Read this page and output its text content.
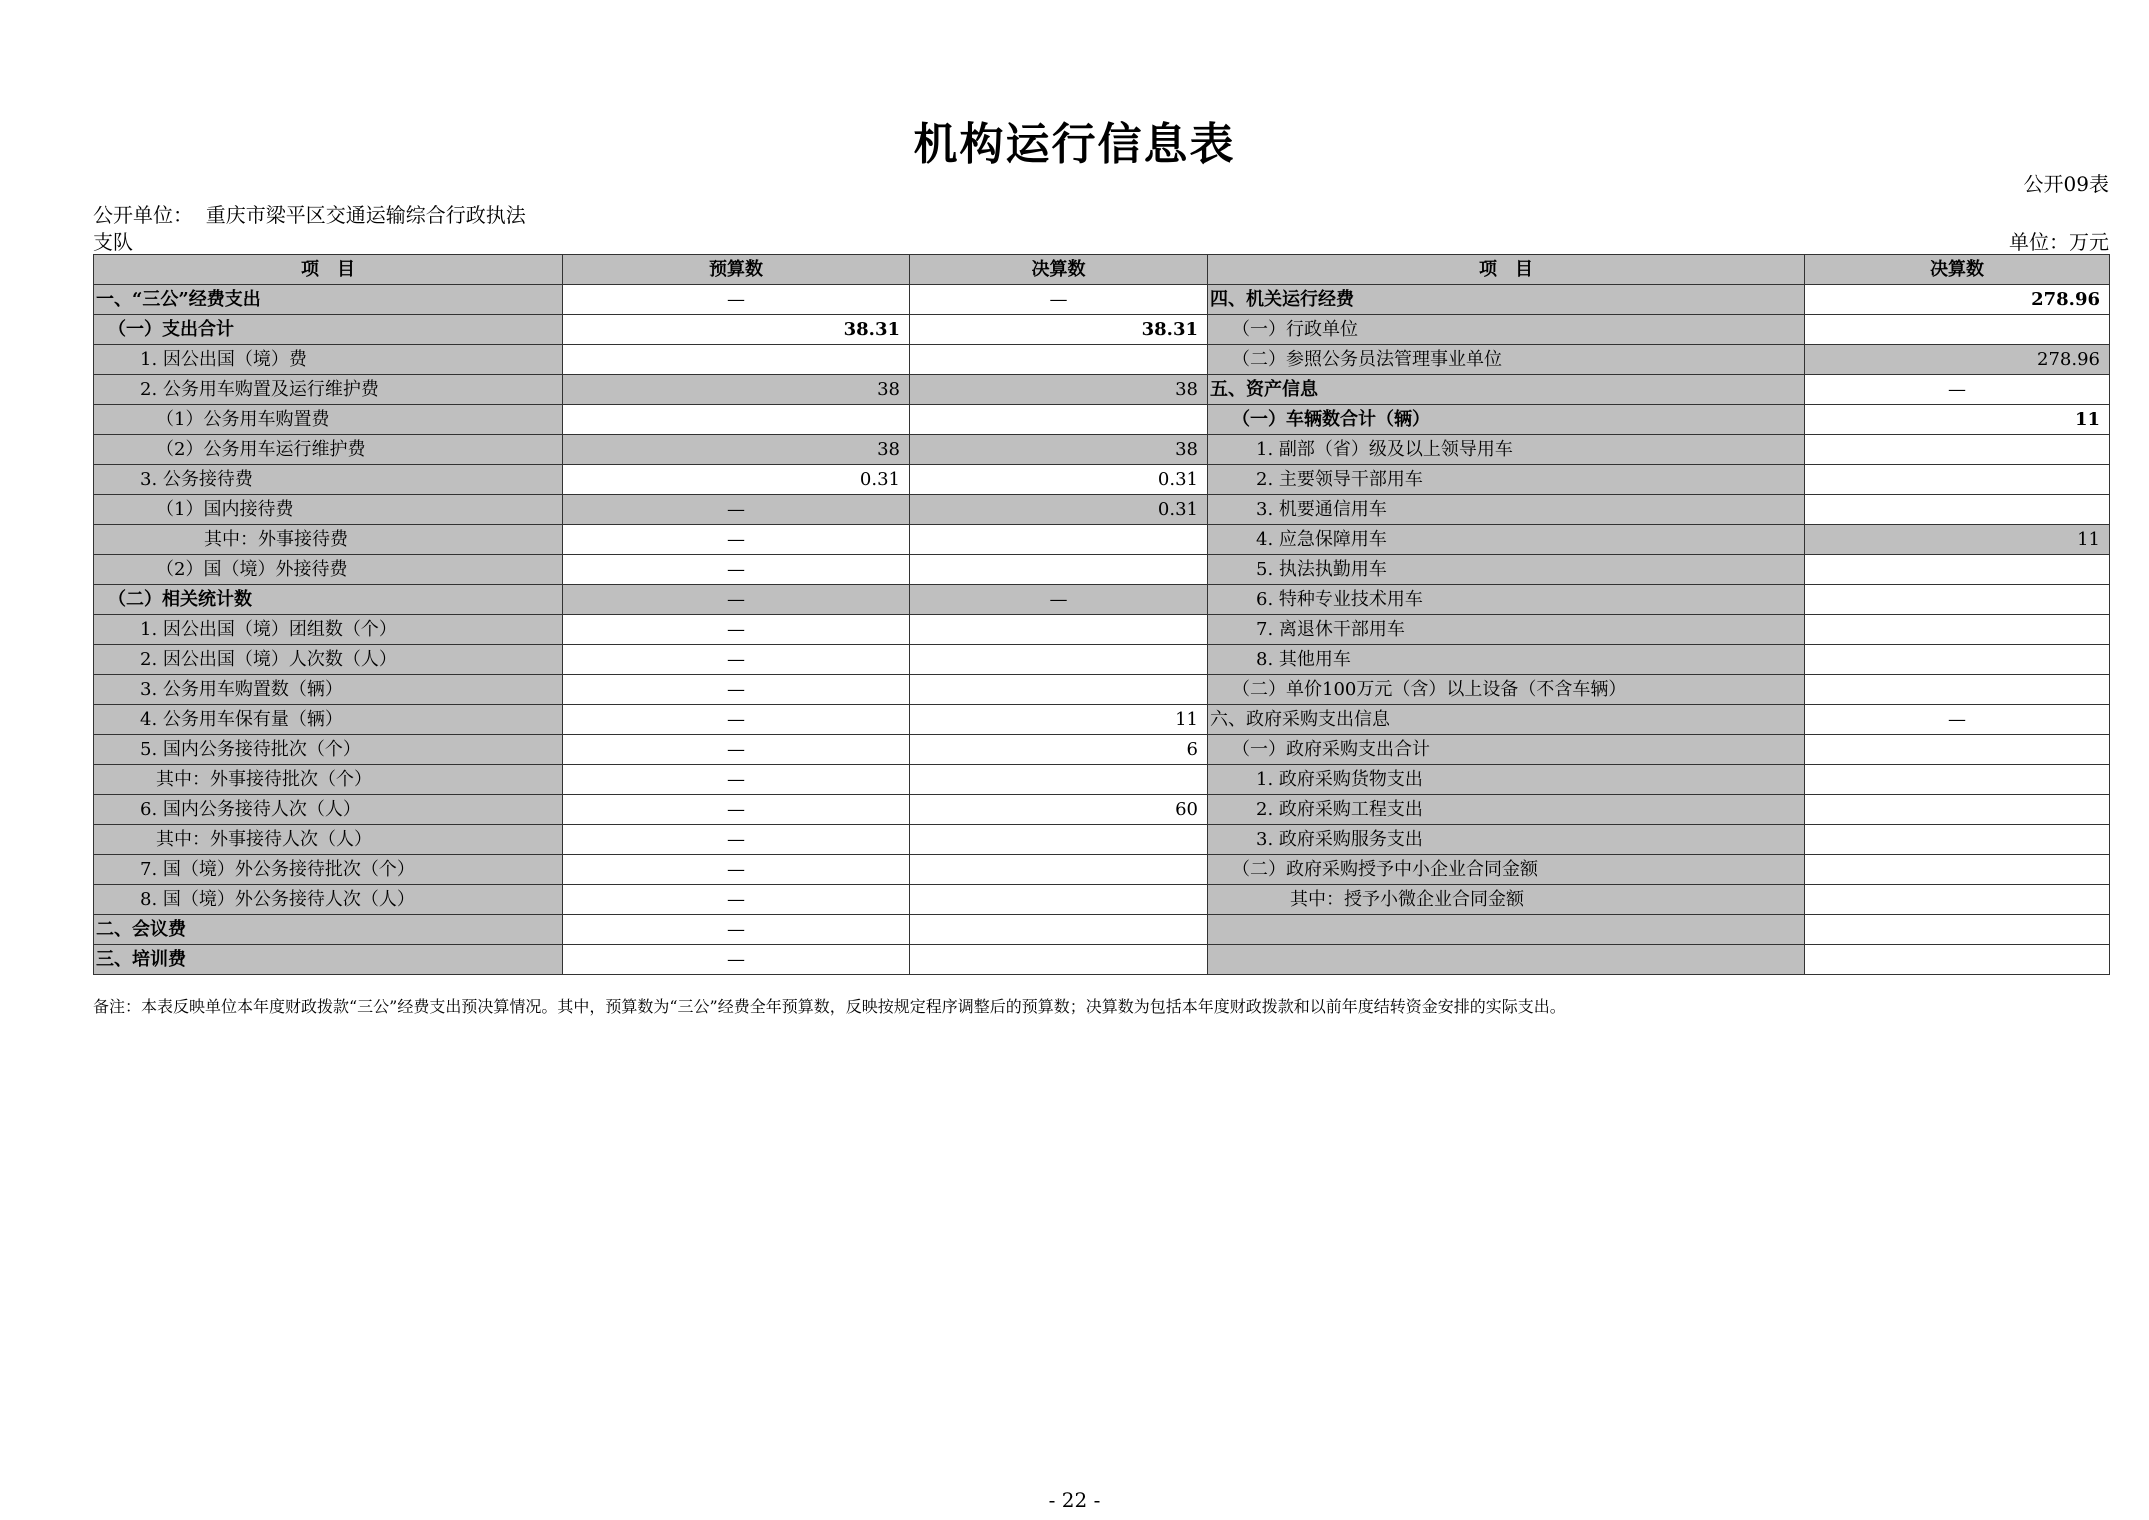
机构运行信息表
公开09表
公开单位： 重庆市梁平区交通运输综合行政执法
支队	单位：万元
项　目	预算数	决算数	项　目	决算数
一、“三公”经费支出	—	—	四、机关运行经费	278.96
（一）支出合计	38.31	38.31	（一）行政单位	
1. 因公出国（境）费			（二）参照公务员法管理事业单位	278.96
2. 公务用车购置及运行维护费	38	38	五、资产信息	—
（1）公务用车购置费			（一）车辆数合计（辆）	11
（2）公务用车运行维护费	38	38	1. 副部（省）级及以上领导用车	
3. 公务接待费	0.31	0.31	2. 主要领导干部用车	
（1）国内接待费	—	0.31	3. 机要通信用车	
其中：外事接待费	—		4. 应急保障用车	11
（2）国（境）外接待费	—		5. 执法执勤用车	
（二）相关统计数	—	—	6. 特种专业技术用车	
1. 因公出国（境）团组数（个）	—		7. 离退休干部用车	
2. 因公出国（境）人次数（人）	—		8. 其他用车	
3. 公务用车购置数（辆）	—		（二）单价100万元（含）以上设备（不含车辆）	
4. 公务用车保有量（辆）	—	11	六、政府采购支出信息	—
5. 国内公务接待批次（个）	—	6	（一）政府采购支出合计	
其中：外事接待批次（个）	—		1. 政府采购货物支出	
6. 国内公务接待人次（人）	—	60	2. 政府采购工程支出	
其中：外事接待人次（人）	—		3. 政府采购服务支出	
7. 国（境）外公务接待批次（个）	—		（二）政府采购授予中小企业合同金额	
8. 国（境）外公务接待人次（人）	—		其中：授予小微企业合同金额	
二、会议费	—			
三、培训费	—			
备注：本表反映单位本年度财政拨款“三公”经费支出预决算情况。其中，预算数为“三公”经费全年预算数，反映按规定程序调整后的预算数；决算数为包括本年度财政拨款和以前年度结转资金安排的实际支出。
- 22 -
